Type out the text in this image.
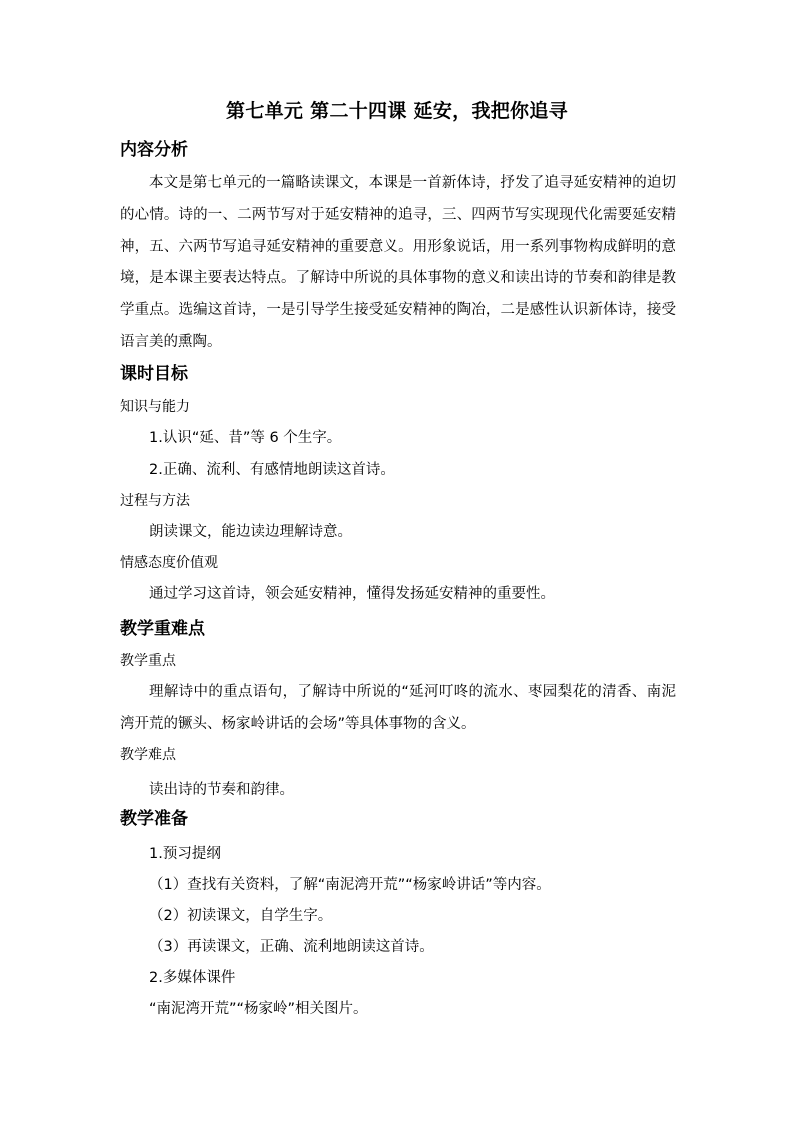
第七单元 第二十四课 延安，我把你追寻
内容分析

本文是第七单元的一篇略读课文，本课是一首新体诗，抒发了追寻延安精神的迫切的心情。诗的一、二两节写对于延安精神的追寻，三、四两节写实现现代化需要延安精神，五、六两节写追寻延安精神的重要意义。用形象说话，用一系列事物构成鲜明的意境，是本课主要表达特点。了解诗中所说的具体事物的意义和读出诗的节奏和韵律是教学重点。选编这首诗，一是引导学生接受延安精神的陶冶，二是感性认识新体诗，接受语言美的熏陶。

课时目标
知识与能力
1.认识“延、昔”等 6 个生字。
2.正确、流利、有感情地朗读这首诗。
过程与方法
朗读课文，能边读边理解诗意。
情感态度价值观
通过学习这首诗，领会延安精神，懂得发扬延安精神的重要性。
教学重难点
教学重点

理解诗中的重点语句，了解诗中所说的“延河叮咚的流水、枣园梨花的清香、南泥湾开荒的镢头、杨家岭讲话的会场”等具体事物的含义。

教学难点
读出诗的节奏和韵律。
教学准备
1.预习提纲
（1）查找有关资料，了解“南泥湾开荒”“杨家岭讲话”等内容。
（2）初读课文，自学生字。
（3）再读课文，正确、流利地朗读这首诗。
2.多媒体课件
“南泥湾开荒”“杨家岭”相关图片。
